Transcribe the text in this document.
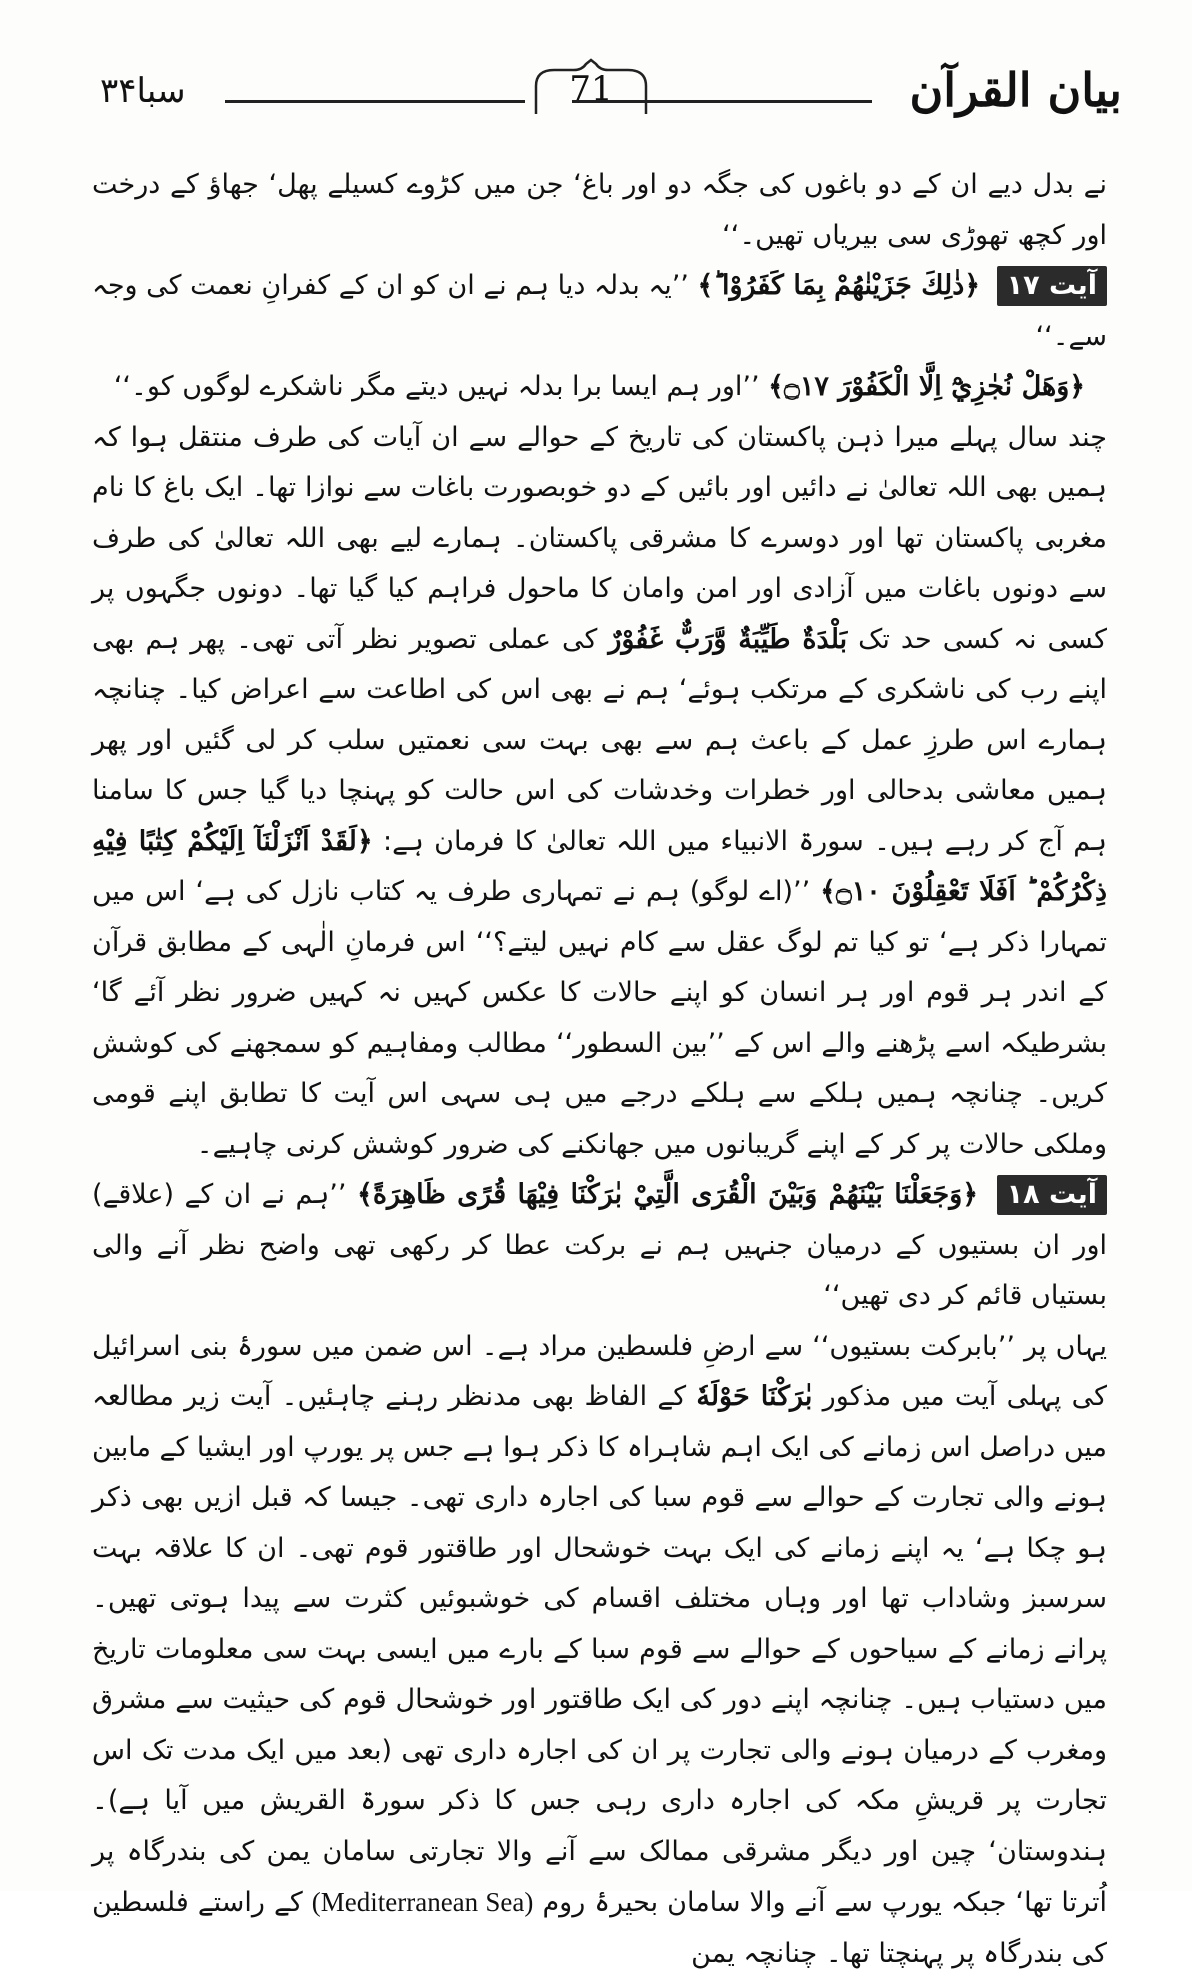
بیان القرآن
71
سبا۳۴

نے بدل دیے ان کے دو باغوں کی جگہ دو اور باغ‘ جن میں کڑوے کسیلے پھل‘ جھاؤ کے درخت اور کچھ تھوڑی سی بیریاں تھیں۔‘‘

آیت ۱۷ ﴿ذٰلِكَ جَزَيْنٰهُمْ بِمَا كَفَرُوْا ؕ﴾ ’’یہ بدلہ دیا ہم نے ان کو ان کے کفرانِ نعمت کی وجہ سے۔‘‘

﴿وَهَلْ نُجٰزِيْٓ اِلَّا الْكَفُوْرَ ۝۱۷﴾ ’’اور ہم ایسا برا بدلہ نہیں دیتے مگر ناشکرے لوگوں کو۔‘‘

چند سال پہلے میرا ذہن پاکستان کی تاریخ کے حوالے سے ان آیات کی طرف منتقل ہوا کہ ہمیں بھی اللہ تعالیٰ نے دائیں اور بائیں کے دو خوبصورت باغات سے نوازا تھا۔ ایک باغ کا نام مغربی پاکستان تھا اور دوسرے کا مشرقی پاکستان۔ ہمارے لیے بھی اللہ تعالیٰ کی طرف سے دونوں باغات میں آزادی اور امن وامان کا ماحول فراہم کیا گیا تھا۔ دونوں جگہوں پر کسی نہ کسی حد تک بَلْدَةٌ طَيِّبَةٌ وَّرَبٌّ غَفُوْرٌ کی عملی تصویر نظر آتی تھی۔ پھر ہم بھی اپنے رب کی ناشکری کے مرتکب ہوئے‘ ہم نے بھی اس کی اطاعت سے اعراض کیا۔ چنانچہ ہمارے اس طرزِ عمل کے باعث ہم سے بھی بہت سی نعمتیں سلب کر لی گئیں اور پھر ہمیں معاشی بدحالی اور خطرات وخدشات کی اس حالت کو پہنچا دیا گیا جس کا سامنا ہم آج کر رہے ہیں۔ سورۃ الانبیاء میں اللہ تعالیٰ کا فرمان ہے: ﴿لَقَدْ اَنْزَلْنَآ اِلَيْكُمْ كِتٰبًا فِيْهِ ذِكْرُكُمْ ؕ اَفَلَا تَعْقِلُوْنَ ۝۱۰﴾ ’’(اے لوگو) ہم نے تمہاری طرف یہ کتاب نازل کی ہے‘ اس میں تمہارا ذکر ہے‘ تو کیا تم لوگ عقل سے کام نہیں لیتے؟‘‘ اس فرمانِ الٰہی کے مطابق قرآن کے اندر ہر قوم اور ہر انسان کو اپنے حالات کا عکس کہیں نہ کہیں ضرور نظر آئے گا‘ بشرطیکہ اسے پڑھنے والے اس کے ’’بین السطور‘‘ مطالب ومفاہیم کو سمجھنے کی کوشش کریں۔ چنانچہ ہمیں ہلکے سے ہلکے درجے میں ہی سہی اس آیت کا تطابق اپنے قومی وملکی حالات پر کر کے اپنے گریبانوں میں جھانکنے کی ضرور کوشش کرنی چاہیے۔

آیت ۱۸ ﴿وَجَعَلْنَا بَيْنَهُمْ وَبَيْنَ الْقُرَى الَّتِيْ بٰرَكْنَا فِيْهَا قُرًى ظَاهِرَةً﴾ ’’ہم نے ان کے (علاقے) اور ان بستیوں کے درمیان جنہیں ہم نے برکت عطا کر رکھی تھی واضح نظر آنے والی بستیاں قائم کر دی تھیں‘‘

یہاں پر ’’بابرکت بستیوں‘‘ سے ارضِ فلسطین مراد ہے۔ اس ضمن میں سورۂ بنی اسرائیل کی پہلی آیت میں مذکور بٰرَكْنَا حَوْلَهٗ کے الفاظ بھی مدنظر رہنے چاہئیں۔ آیت زیر مطالعہ میں دراصل اس زمانے کی ایک اہم شاہراہ کا ذکر ہوا ہے جس پر یورپ اور ایشیا کے مابین ہونے والی تجارت کے حوالے سے قوم سبا کی اجارہ داری تھی۔ جیسا کہ قبل ازیں بھی ذکر ہو چکا ہے‘ یہ اپنے زمانے کی ایک بہت خوشحال اور طاقتور قوم تھی۔ ان کا علاقہ بہت سرسبز وشاداب تھا اور وہاں مختلف اقسام کی خوشبوئیں کثرت سے پیدا ہوتی تھیں۔ پرانے زمانے کے سیاحوں کے حوالے سے قوم سبا کے بارے میں ایسی بہت سی معلومات تاریخ میں دستیاب ہیں۔ چنانچہ اپنے دور کی ایک طاقتور اور خوشحال قوم کی حیثیت سے مشرق ومغرب کے درمیان ہونے والی تجارت پر ان کی اجارہ داری تھی (بعد میں ایک مدت تک اس تجارت پر قریشِ مکہ کی اجارہ داری رہی جس کا ذکر سورۃ القریش میں آیا ہے)۔ ہندوستان‘ چین اور دیگر مشرقی ممالک سے آنے والا تجارتی سامان یمن کی بندرگاہ پر اُترتا تھا‘ جبکہ یورپ سے آنے والا سامان بحیرۂ روم (Mediterranean Sea) کے راستے فلسطین کی بندرگاہ پر پہنچتا تھا۔ چنانچہ یمن
